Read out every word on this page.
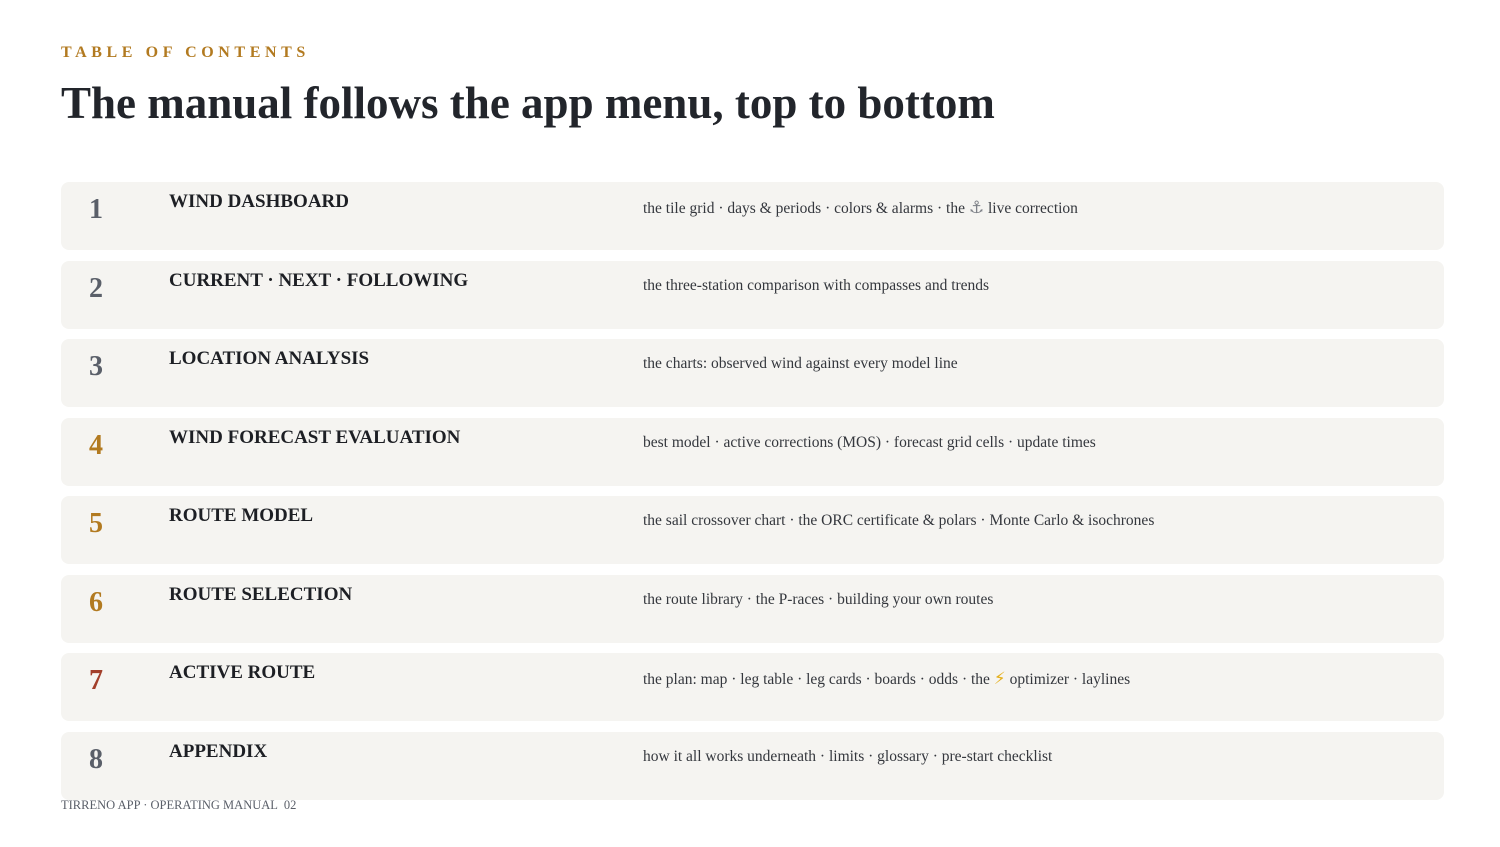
TABLE OF CONTENTS
The manual follows the app menu, top to bottom
1	WIND DASHBOARD	the tile grid · days & periods · colors & alarms · the ⚓ live correction
2	CURRENT · NEXT · FOLLOWING	the three-station comparison with compasses and trends
3	LOCATION ANALYSIS	the charts: observed wind against every model line
4	WIND FORECAST EVALUATION	best model · active corrections (MOS) · forecast grid cells · update times
5	ROUTE MODEL	the sail crossover chart · the ORC certificate & polars · Monte Carlo & isochrones
6	ROUTE SELECTION	the route library · the P-races · building your own routes
7	ACTIVE ROUTE	the plan: map · leg table · leg cards · boards · odds · the ⚡ optimizer · laylines
8	APPENDIX	how it all works underneath · limits · glossary · pre-start checklist
TIRRENO APP · OPERATING MANUAL 02
